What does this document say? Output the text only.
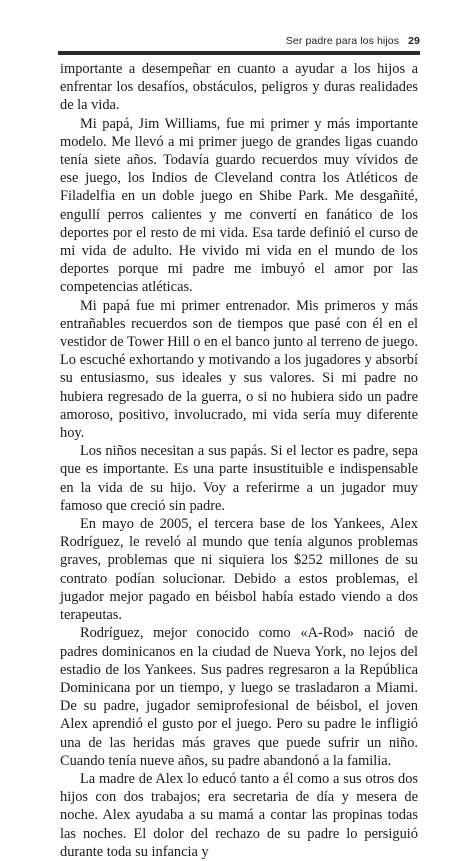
Ser padre para los hijos 29

importante a desempeñar en cuanto a ayudar a los hijos a enfrentar los desafíos, obstáculos, peligros y duras realidades de la vida.

Mi papá, Jim Williams, fue mi primer y más importante modelo. Me llevó a mi primer juego de grandes ligas cuando tenía siete años. Todavía guardo recuerdos muy vívidos de ese juego, los Indios de Cleveland contra los Atléticos de Filadelfia en un doble juego en Shibe Park. Me desgañité, engullí perros calientes y me convertí en fanático de los deportes por el resto de mi vida. Esa tarde definió el curso de mi vida de adulto. He vivido mi vida en el mundo de los deportes porque mi padre me imbuyó el amor por las competencias atléticas.

Mi papá fue mi primer entrenador. Mis primeros y más entrañables recuerdos son de tiempos que pasé con él en el vestidor de Tower Hill o en el banco junto al terreno de juego. Lo escuché exhortando y motivando a los jugadores y absorbí su entusiasmo, sus ideales y sus valores. Si mi padre no hubiera regresado de la guerra, o si no hubiera sido un padre amoroso, positivo, involucrado, mi vida sería muy diferente hoy.

Los niños necesitan a sus papás. Si el lector es padre, sepa que es importante. Es una parte insustituible e indispensable en la vida de su hijo. Voy a referirme a un jugador muy famoso que creció sin padre.

En mayo de 2005, el tercera base de los Yankees, Alex Rodríguez, le reveló al mundo que tenía algunos problemas graves, problemas que ni siquiera los $252 millones de su contrato podían solucionar. Debido a estos problemas, el jugador mejor pagado en béisbol había estado viendo a dos terapeutas.

Rodríguez, mejor conocido como «A-Rod» nació de padres dominicanos en la ciudad de Nueva York, no lejos del estadio de los Yankees. Sus padres regresaron a la República Dominicana por un tiempo, y luego se trasladaron a Miami. De su padre, jugador semiprofesional de béisbol, el joven Alex aprendió el gusto por el juego. Pero su padre le infligió una de las heridas más graves que puede sufrir un niño. Cuando tenía nueve años, su padre abandonó a la familia.

La madre de Alex lo educó tanto a él como a sus otros dos hijos con dos trabajos; era secretaria de día y mesera de noche. Alex ayudaba a su mamá a contar las propinas todas las noches. El dolor del rechazo de su padre lo persiguió durante toda su infancia y
